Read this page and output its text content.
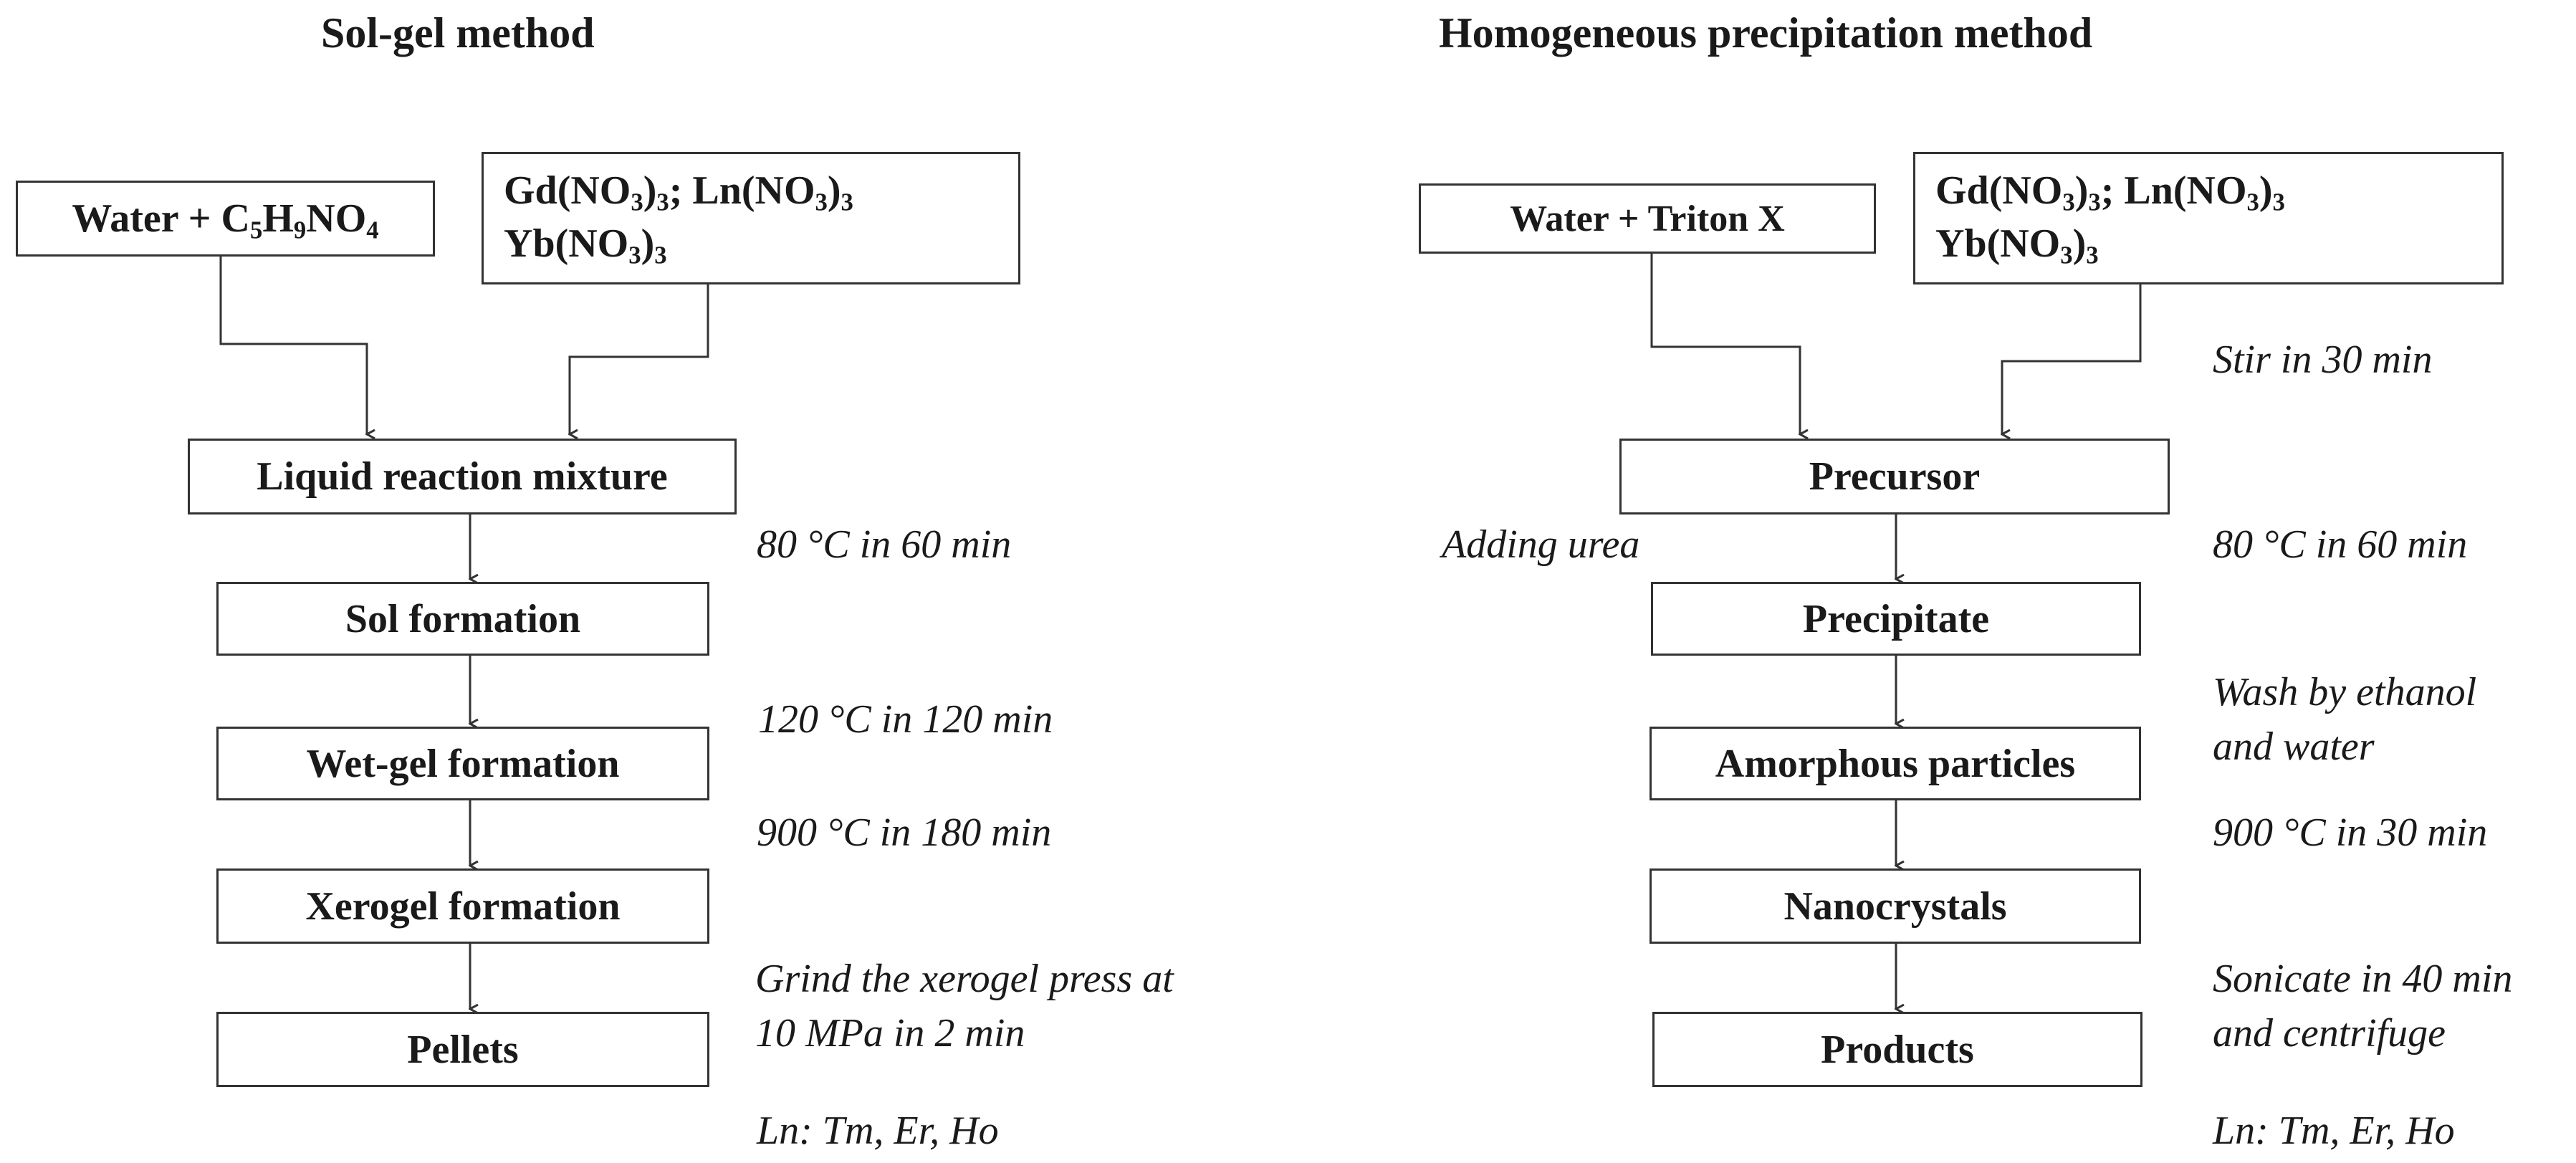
Sol-gel method
Water + $C_5H_9NO_4$
$Gd(NO_3)_3$; $Ln(NO_3)_3$
$Yb(NO_3)_3$
Liquid reaction mixture
Sol formation
Wet-gel formation
Xerogel formation
Pellets
80 °C in 60 min
120 °C in 120 min
900 °C in 180 min
Grind the xerogel press at
10 MPa in 2 min
Ln: Tm, Er, Ho
Homogeneous precipitation method
Water + Triton X
$Gd(NO_3)_3$; $Ln(NO_3)_3$
$Yb(NO_3)_3$
Precursor
Precipitate
Amorphous particles
Nanocrystals
Products
Stir in 30 min
Adding urea	80 °C in 60 min
Wash by ethanol
and water
900 °C in 30 min
Sonicate in 40 min
and centrifuge
Ln: Tm, Er, Ho
